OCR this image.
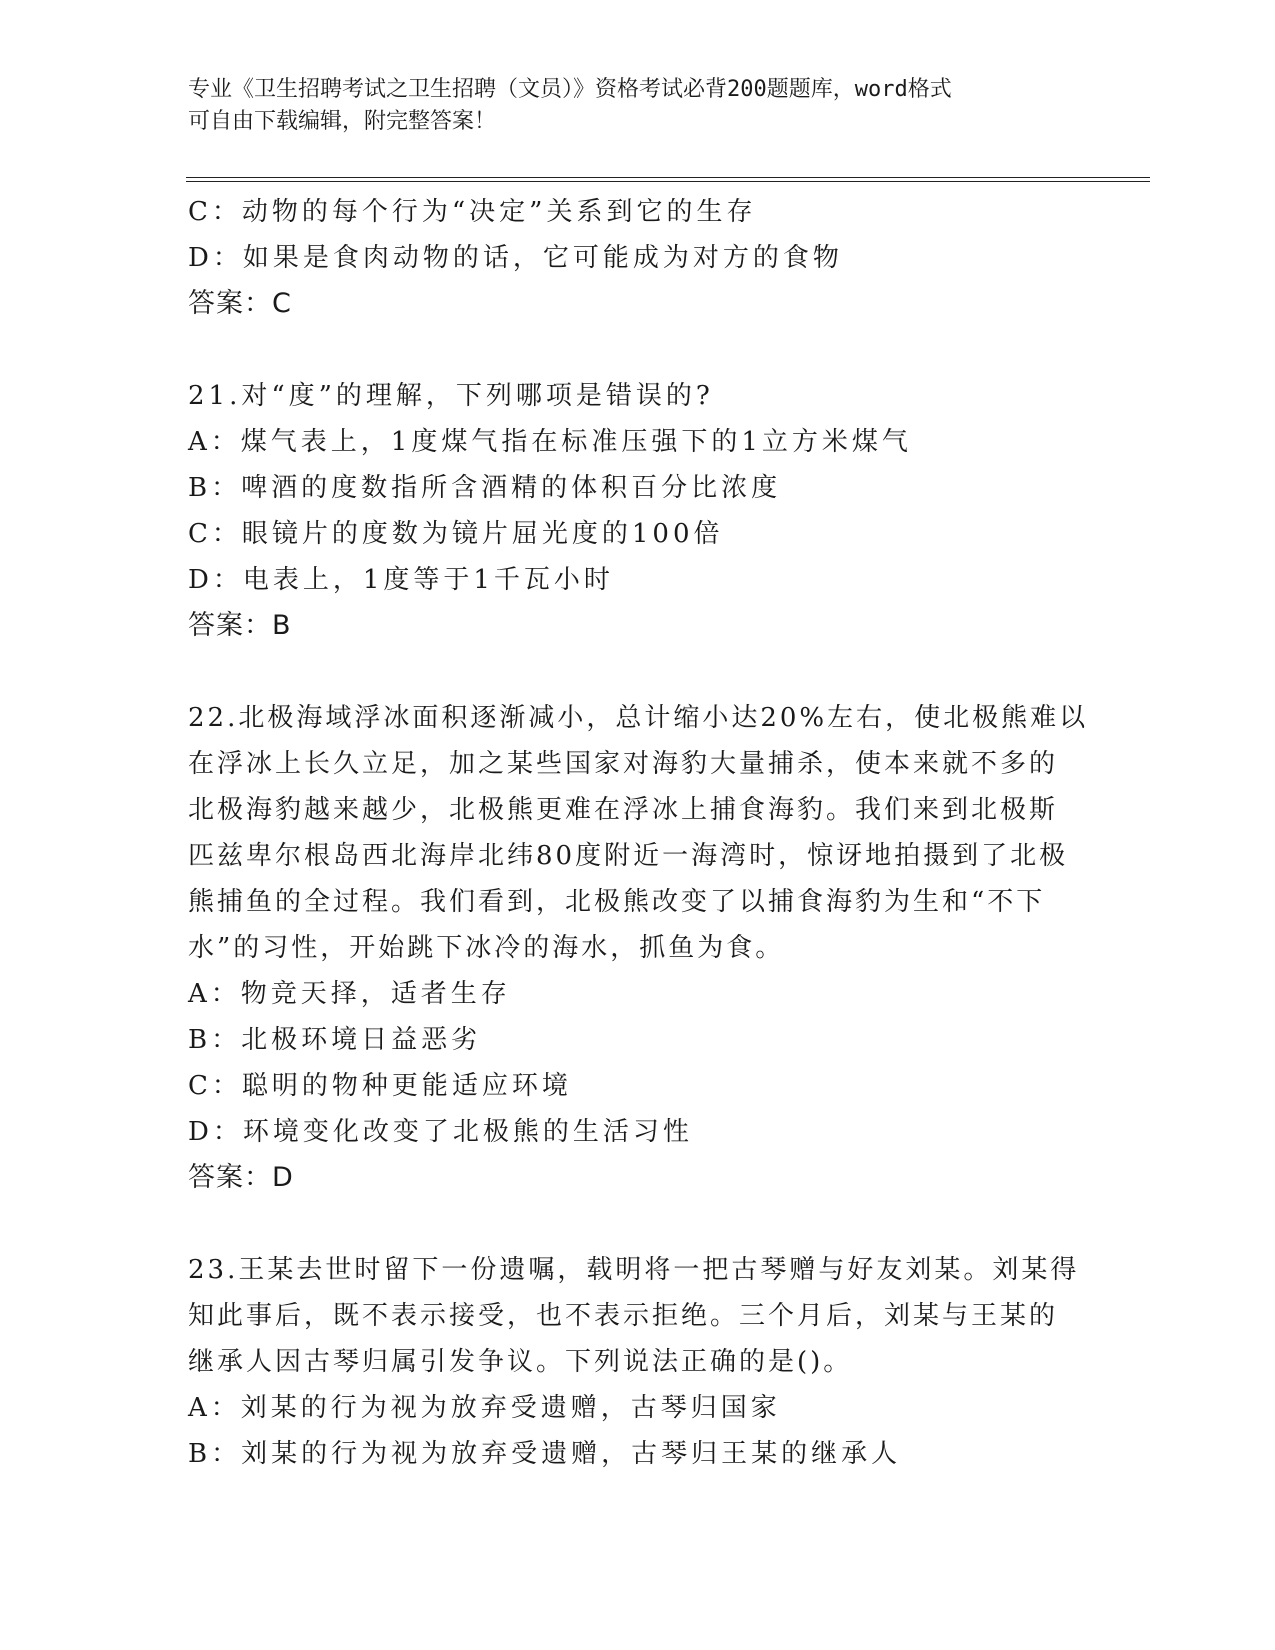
专业《卫生招聘考试之卫生招聘（文员）》资格考试必背200题题库，word格式
可自由下载编辑，附完整答案！

C：动物的每个行为“决定”关系到它的生存

D：如果是食肉动物的话，它可能成为对方的食物

答案：C

21.对“度”的理解，下列哪项是错误的?

A：煤气表上，1度煤气指在标准压强下的1立方米煤气

B：啤酒的度数指所含酒精的体积百分比浓度

C：眼镜片的度数为镜片屈光度的100倍

D：电表上，1度等于1千瓦小时

答案：B

22.北极海域浮冰面积逐渐减小，总计缩小达20%左右，使北极熊难以

在浮冰上长久立足，加之某些国家对海豹大量捕杀，使本来就不多的

北极海豹越来越少，北极熊更难在浮冰上捕食海豹。我们来到北极斯

匹兹卑尔根岛西北海岸北纬80度附近一海湾时，惊讶地拍摄到了北极

熊捕鱼的全过程。我们看到，北极熊改变了以捕食海豹为生和“不下

水”的习性，开始跳下冰冷的海水，抓鱼为食。

A：物竞天择，适者生存

B：北极环境日益恶劣

C：聪明的物种更能适应环境

D：环境变化改变了北极熊的生活习性

答案：D

23.王某去世时留下一份遗嘱，载明将一把古琴赠与好友刘某。刘某得

知此事后，既不表示接受，也不表示拒绝。三个月后，刘某与王某的

继承人因古琴归属引发争议。下列说法正确的是()。

A：刘某的行为视为放弃受遗赠，古琴归国家

B：刘某的行为视为放弃受遗赠，古琴归王某的继承人
